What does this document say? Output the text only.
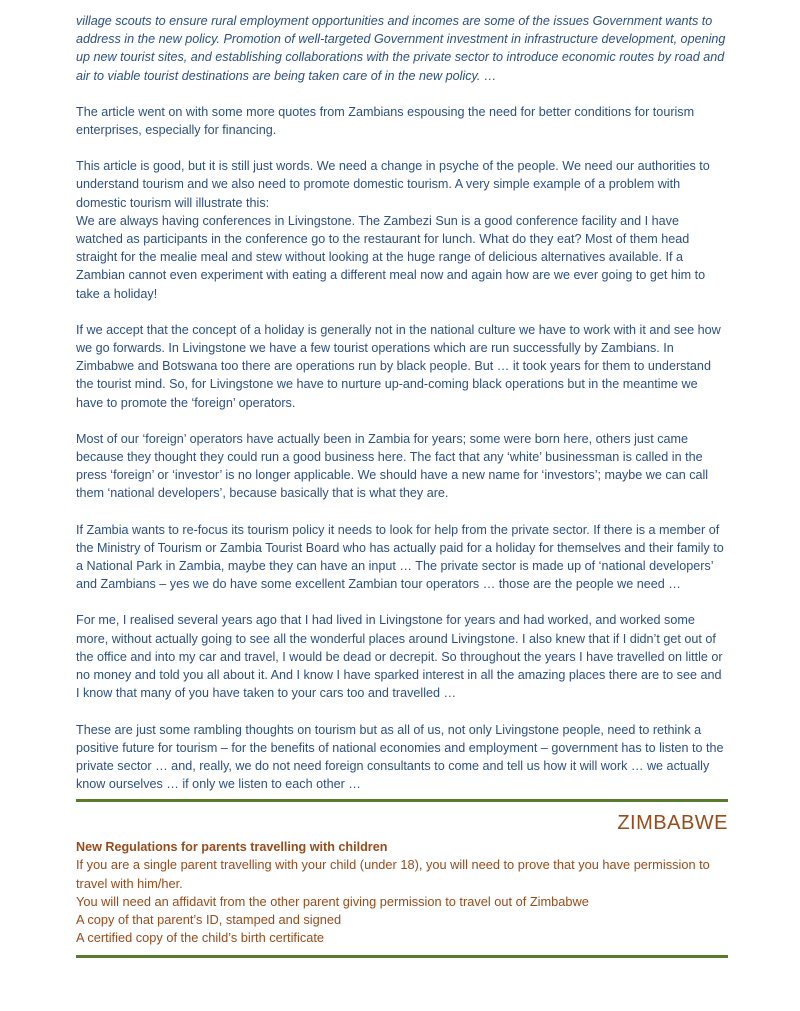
village scouts to ensure rural employment opportunities and incomes are some of the issues Government wants to address in the new policy. Promotion of well-targeted Government investment in infrastructure development, opening up new tourist sites, and establishing collaborations with the private sector to introduce economic routes by road and air to viable tourist destinations are being taken care of in the new policy. …

The article went on with some more quotes from Zambians espousing the need for better conditions for tourism enterprises, especially for financing.

This article is good, but it is still just words. We need a change in psyche of the people. We need our authorities to understand tourism and we also need to promote domestic tourism. A very simple example of a problem with domestic tourism will illustrate this:

We are always having conferences in Livingstone. The Zambezi Sun is a good conference facility and I have watched as participants in the conference go to the restaurant for lunch. What do they eat? Most of them head straight for the mealie meal and stew without looking at the huge range of delicious alternatives available. If a Zambian cannot even experiment with eating a different meal now and again how are we ever going to get him to take a holiday!

If we accept that the concept of a holiday is generally not in the national culture we have to work with it and see how we go forwards. In Livingstone we have a few tourist operations which are run successfully by Zambians. In Zimbabwe and Botswana too there are operations run by black people. But … it took years for them to understand the tourist mind. So, for Livingstone we have to nurture up-and-coming black operations but in the meantime we have to promote the ‘foreign’ operators.

Most of our ‘foreign’ operators have actually been in Zambia for years; some were born here, others just came because they thought they could run a good business here. The fact that any ‘white’ businessman is called in the press ‘foreign’ or ‘investor’ is no longer applicable. We should have a new name for ‘investors’; maybe we can call them ‘national developers’, because basically that is what they are.

If Zambia wants to re-focus its tourism policy it needs to look for help from the private sector. If there is a member of the Ministry of Tourism or Zambia Tourist Board who has actually paid for a holiday for themselves and their family to a National Park in Zambia, maybe they can have an input … The private sector is made up of ‘national developers’ and Zambians – yes we do have some excellent Zambian tour operators … those are the people we need …

For me, I realised several years ago that I had lived in Livingstone for years and had worked, and worked some more, without actually going to see all the wonderful places around Livingstone. I also knew that if I didn’t get out of the office and into my car and travel, I would be dead or decrepit. So throughout the years I have travelled on little or no money and told you all about it. And I know I have sparked interest in all the amazing places there are to see and I know that many of you have taken to your cars too and travelled …

These are just some rambling thoughts on tourism but as all of us, not only Livingstone people, need to rethink a positive future for tourism – for the benefits of national economies and employment – government has to listen to the private sector … and, really, we do not need foreign consultants to come and tell us how it will work … we actually know ourselves … if only we listen to each other …

ZIMBABWE
New Regulations for parents travelling with children
If you are a single parent travelling with your child (under 18), you will need to prove that you have permission to travel with him/her.
You will need an affidavit from the other parent giving permission to travel out of Zimbabwe
A copy of that parent’s ID, stamped and signed
A certified copy of the child’s birth certificate
